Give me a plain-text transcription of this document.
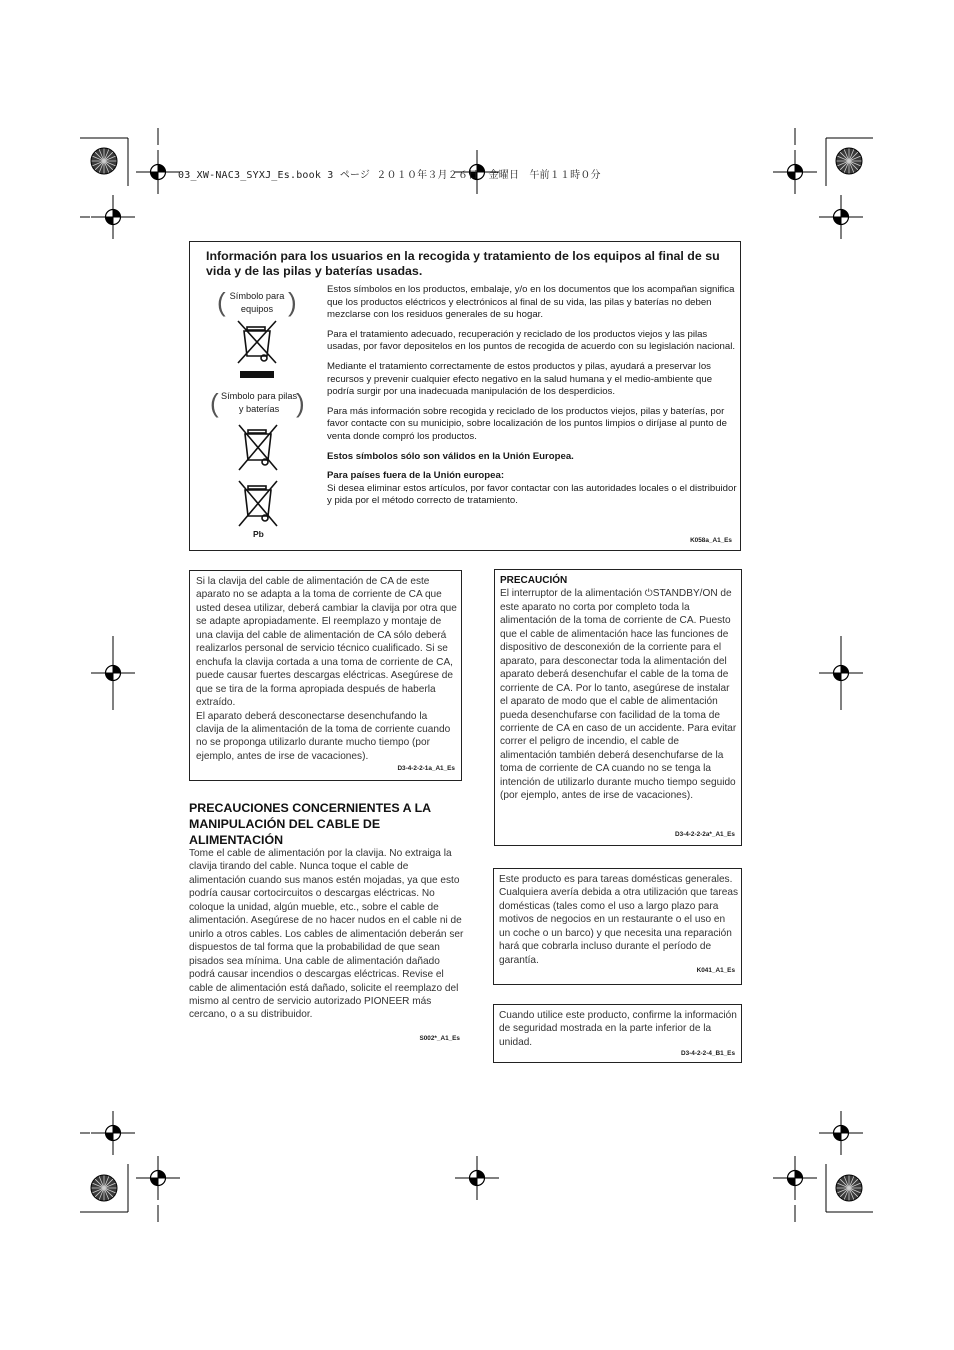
03_XW-NAC3_SYXJ_Es.book 3 ページ ２０１０年３月２６日　金曜日　午前１１時０分
Información para los usuarios en la recogida y tratamiento de los equipos al final de su vida y de las pilas y baterías usadas.
( Símbolo para equipos )
( Símbolo para pilas y baterías )
Pb

Estos símbolos en los productos, embalaje, y/o en los documentos que los acompañan significa que los productos eléctricos y electrónicos al final de su vida, las pilas y baterías no deben mezclarse con los residuos generales de su hogar.

Para el tratamiento adecuado, recuperación y reciclado de los productos viejos y las pilas usadas, por favor depositelos en los puntos de recogida de acuerdo con su legislación nacional.

Mediante el tratamiento correctamente de estos productos y pilas, ayudará a preservar los recursos y prevenir cualquier efecto negativo en la salud humana y el medio-ambiente que podría surgir por una inadecuada manipulación de los desperdicios.

Para más información sobre recogida y reciclado de los productos viejos, pilas y baterías, por favor contacte con su municipio, sobre localización de los puntos limpios o diríjase al punto de venta donde compró los productos.

Estos símbolos sólo son válidos en la Unión Europea.

Para países fuera de la Unión europea:

Si desea eliminar estos artículos, por favor contactar con las autoridades locales o el distribuidor y pida por el método correcto de tratamiento.

K058a_A1_Es
Si la clavija del cable de alimentación de CA de este aparato no se adapta a la toma de corriente de CA que usted desea utilizar, deberá cambiar la clavija por otra que se adapte apropiadamente. El reemplazo y montaje de una clavija del cable de alimentación de CA sólo deberá realizarlos personal de servicio técnico cualificado. Si se enchufa la clavija cortada a una toma de corriente de CA, puede causar fuertes descargas eléctricas. Asegúrese de que se tira de la forma apropiada después de haberla extraído.
El aparato deberá desconectarse desenchufando la clavija de la alimentación de la toma de corriente cuando no se proponga utilizarlo durante mucho tiempo (por ejemplo, antes de irse de vacaciones).
D3-4-2-2-1a_A1_Es
PRECAUCIONES CONCERNIENTES A LA MANIPULACIÓN DEL CABLE DE ALIMENTACIÓN
Tome el cable de alimentación por la clavija. No extraiga la clavija tirando del cable. Nunca toque el cable de alimentación cuando sus manos estén mojadas, ya que esto podría causar cortocircuitos o descargas eléctricas. No coloque la unidad, algún mueble, etc., sobre el cable de alimentación. Asegúrese de no hacer nudos en el cable ni de unirlo a otros cables. Los cables de alimentación deberán ser dispuestos de tal forma que la probabilidad de que sean pisados sea mínima. Una cable de alimentación dañado podrá causar incendios o descargas eléctricas. Revise el cable de alimentación está dañado, solicite el reemplazo del mismo al centro de servicio autorizado PIONEER más cercano, o a su distribuidor.
S002*_A1_Es
PRECAUCIÓN
El interruptor de la alimentación ⏻STANDBY/ON de este aparato no corta por completo toda la alimentación de la toma de corriente de CA. Puesto que el cable de alimentación hace las funciones de dispositivo de desconexión de la corriente para el aparato, para desconectar toda la alimentación del aparato deberá desenchufar el cable de la toma de corriente de CA. Por lo tanto, asegúrese de instalar el aparato de modo que el cable de alimentación pueda desenchufarse con facilidad de la toma de corriente de CA en caso de un accidente. Para evitar correr el peligro de incendio, el cable de alimentación también deberá desenchufarse de la toma de corriente de CA cuando no se tenga la intención de utilizarlo durante mucho tiempo seguido (por ejemplo, antes de irse de vacaciones).
D3-4-2-2-2a*_A1_Es
Este producto es para tareas domésticas generales. Cualquiera avería debida a otra utilización que tareas domésticas (tales como el uso a largo plazo para motivos de negocios en un restaurante o el uso en un coche o un barco) y que necesita una reparación hará que cobrarla incluso durante el período de garantía.
K041_A1_Es
Cuando utilice este producto, confirme la información de seguridad mostrada en la parte inferior de la unidad.
D3-4-2-2-4_B1_Es
